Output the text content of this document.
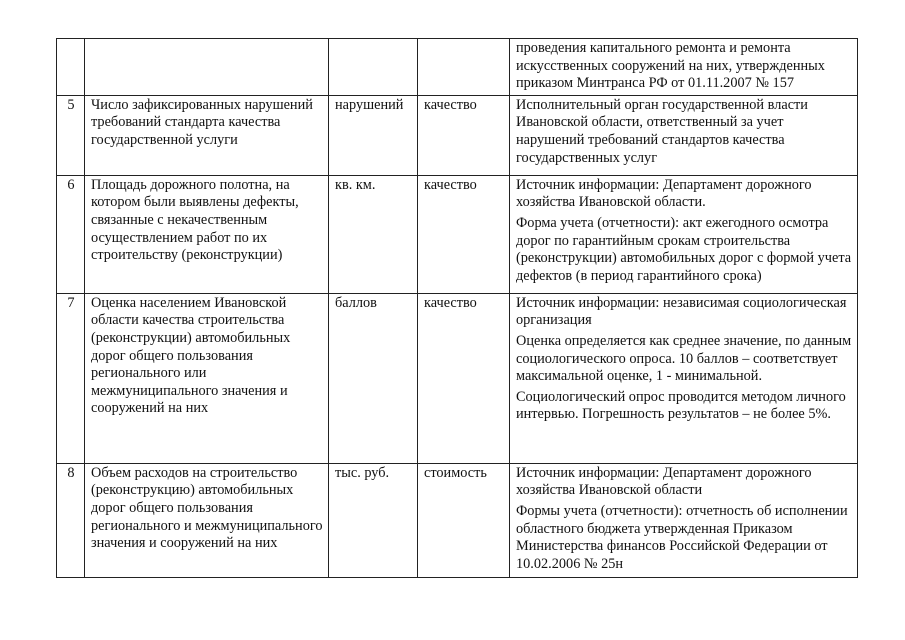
				проведения капитального ремонта и ремонта искусственных сооружений на них, утвержденных приказом Минтранса РФ от 01.11.2007 № 157

5	Число зафиксированных нарушений требований стандарта качества государственной услуги	нарушений	качество	Исполнительный орган государственной власти Ивановской области, ответственный за учет нарушений требований стандартов качества государственных услуг

6	Площадь дорожного полотна, на котором были выявлены дефекты, связанные с некачественным осуществлением работ по их строительству (реконструкции)	кв. км.	качество	Источник информации: Департамент дорожного хозяйства Ивановской области.

Форма учета (отчетности): акт ежегодного осмотра дорог по гарантийным срокам строительства (реконструкции) автомобильных дорог с формой учета дефектов (в период гарантийного срока)

7	Оценка населением Ивановской области качества строительства (реконструкции) автомобильных дорог общего пользования регионального или межмуниципального значения и сооружений на них	баллов	качество	Источник информации: независимая социологическая организация

Оценка определяется как среднее значение, по данным социологического опроса. 10 баллов – соответствует максимальной оценке, 1 - минимальной.

Социологический опрос проводится методом личного интервью. Погрешность результатов – не более 5%.

8	Объем расходов на строительство (реконструкцию) автомобильных дорог общего пользования регионального и межмуниципального значения и сооружений на них	тыс. руб.	стоимость	Источник информации: Департамент дорожного хозяйства Ивановской области

Формы учета (отчетности): отчетность об исполнении областного бюджета утвержденная Приказом Министерства финансов Российской Федерации от 10.02.2006 № 25н
